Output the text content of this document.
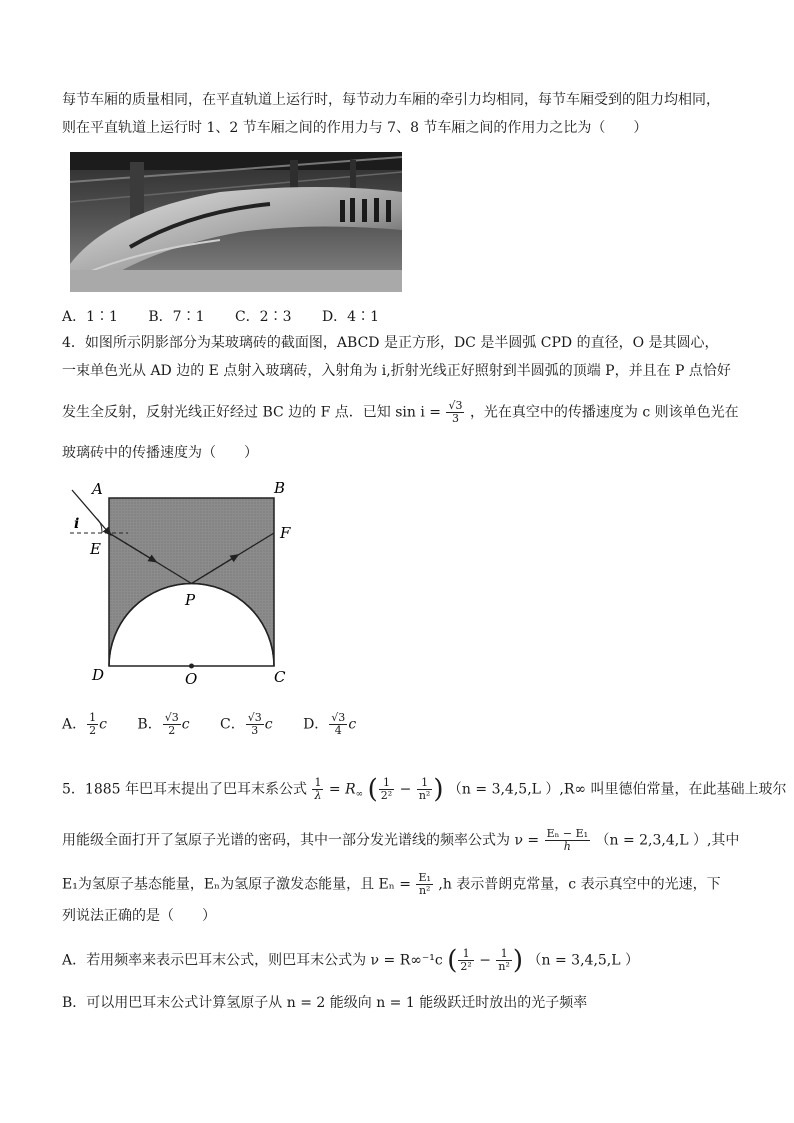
每节车厢的质量相同，在平直轨道上运行时，每节动力车厢的牵引力均相同，每节车厢受到的阻力均相同，
则在平直轨道上运行时 1、2 节车厢之间的作用力与 7、8 节车厢之间的作用力之比为（　　）
A．1∶1 B．7∶1 C．2∶3 D．4∶1
4．如图所示阴影部分为某玻璃砖的截面图，ABCD 是正方形，DC 是半圆弧 CPD 的直径，O 是其圆心，
一束单色光从 AD 边的 E 点射入玻璃砖，入射角为 i,折射光线正好照射到半圆弧的顶端 P，并且在 P 点恰好
发生全反射，反射光线正好经过 BC 边的 F 点．已知 $\sin i = \frac{√3}{3}$ ，光在真空中的传播速度为 c 则该单色光在
玻璃砖中的传播速度为（　　）
A	B
C
D
E
F
P
O
i
A． $\frac{1}{2}$ c B． $\frac{√3}{2}$ c C． $\frac{√3}{3}$ c D． $\frac{√3}{4}$ c
5．1885 年巴耳末提出了巴耳末系公式 $\frac{1}{\lambda} = R_\infty$ ( $\frac{1}{\text{2²}} - \frac{1}{\text{n²}}$ ) （n = 3,4,5,L ）,R∞ 叫里德伯常量，在此基础上玻尔
用能级全面打开了氢原子光谱的密码，其中一部分发光谱线的频率公式为 $\nu = \frac{\text{Eₙ − E₁}}{h} (n = 2,3,4,L$ ）,其中
E₁为氢原子基态能量，Eₙ为氢原子激发态能量，且 $E_n = \frac{\text{E₁}}{\text{n²}} ,h$ 表示普朗克常量，c 表示真空中的光速，下
列说法正确的是（　　）
A．若用频率来表示巴耳末公式，则巴耳末公式为 ν = R∞⁻¹c ( $\frac{1}{\text{2²}} - \frac{1}{\text{n²}}$ ) （n = 3,4,5,L ）
B．可以用巴耳末公式计算氢原子从 n = 2 能级向 n = 1 能级跃迁时放出的光子频率
